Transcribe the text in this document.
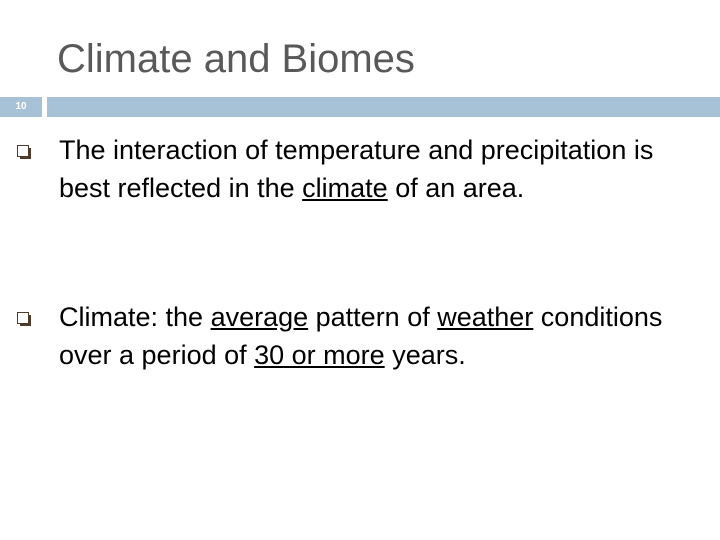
Climate and Biomes
10
The interaction of temperature and precipitation is best reflected in the climate of an area.
Climate: the average pattern of weather conditions over a period of 30 or more years.
